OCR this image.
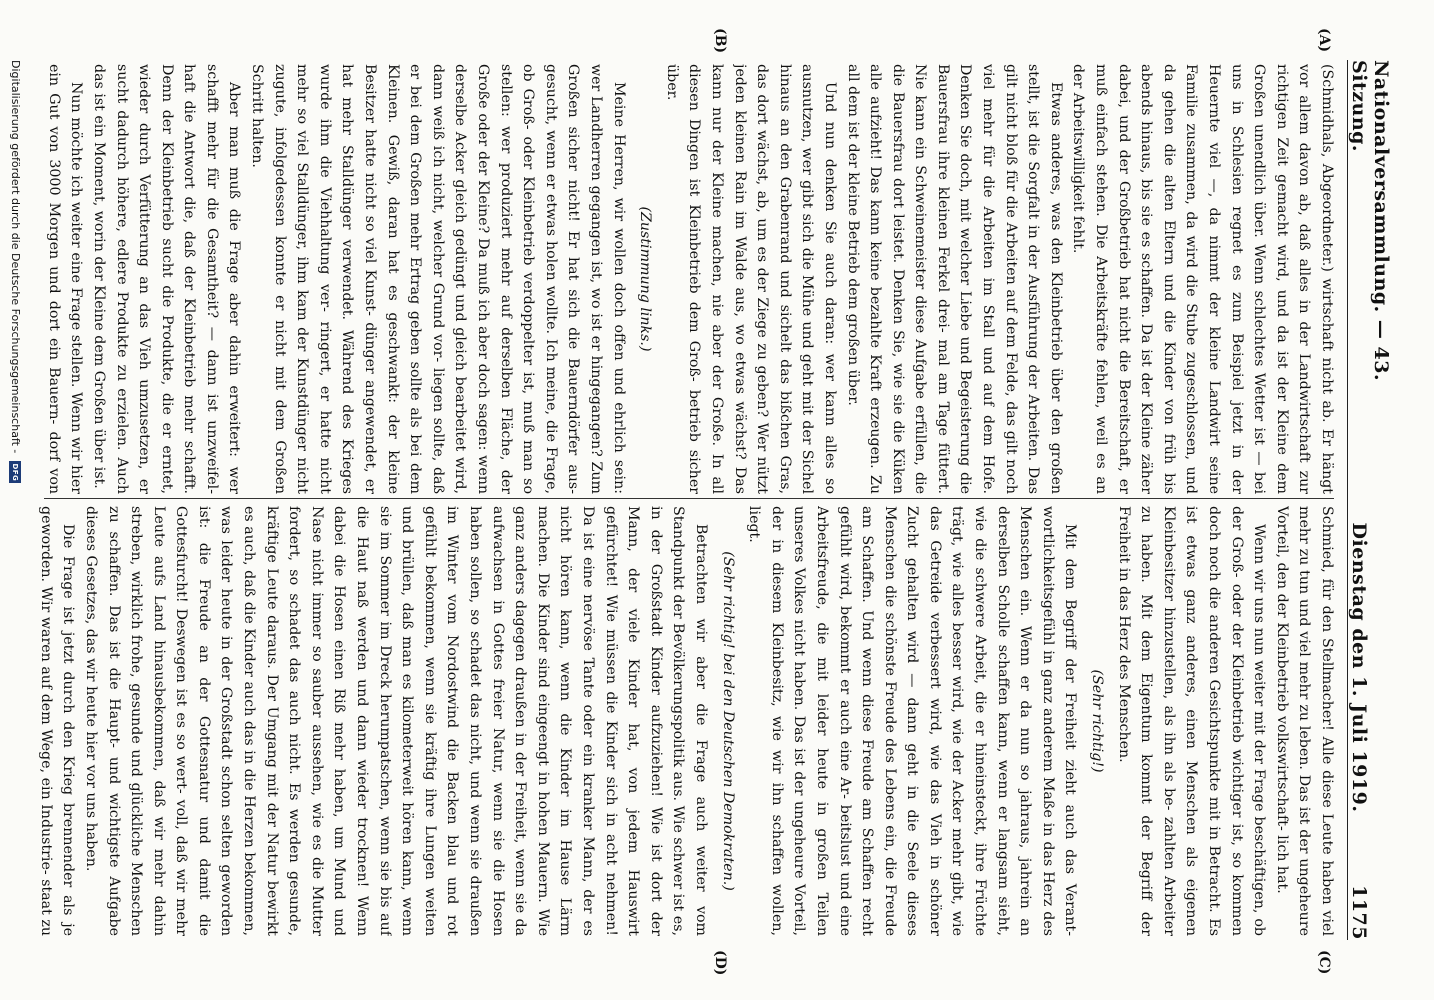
Nationalversammlung. — 43. Sitzung.
Dienstag den 1. Juli 1919.
1175
(A)
(B)
(C)
(D)

(Schmidhals, Abgeordneter.) wirtschaft nicht ab. Er hängt vor allem davon ab, daß alles in der Landwirtschaft zur richtigen Zeit gemacht wird, und da ist der Kleine dem Großen unendlich über. Wenn schlechtes Wetter ist — bei uns in Schlesien regnet es zum Beispiel jetzt in der Heuernte viel —, da nimmt der kleine Landwirt seine Familie zusammen, da wird die Stube zugeschlossen, und da gehen die alten Eltern und die Kinder von früh bis abends hinaus, bis sie es schaffen. Da ist der Kleine zäher dabei, und der Großbetrieb hat nicht die Bereitschaft, er muß einfach stehen. Die Arbeitskräfte fehlen, weil es an der Arbeitswilligkeit fehlt.

Etwas anderes, was den Kleinbetrieb über den großen stellt, ist die Sorgfalt in der Ausführung der Arbeiten. Das gilt nicht bloß für die Arbeiten auf dem Felde, das gilt noch viel mehr für die Arbeiten im Stall und auf dem Hofe. Denken Sie doch, mit welcher Liebe und Begeisterung die Bauersfrau ihre kleinen Ferkel drei- mal am Tage füttert. Nie kann ein Schweinemeister diese Aufgabe erfüllen, die die Bauersfrau dort leistet. Denken Sie, wie sie die Küken alle aufzieht! Das kann keine bezahlte Kraft erzeugen. Zu all dem ist der kleine Betrieb dem großen über.

Und nun denken Sie auch daran: wer kann alles so ausnutzen, wer gibt sich die Mühe und geht mit der Sichel hinaus an den Grabenrand und sichelt das bißchen Gras, das dort wächst, ab, um es der Ziege zu geben? Wer nützt jeden kleinen Rain im Walde aus, wo etwas wächst? Das kann nur der Kleine machen, nie aber der Große. In all diesen Dingen ist Kleinbetrieb dem Groß- betrieb sicher über.

(Zustimmung links.)

Meine Herren, wir wollen doch offen und ehrlich sein: wer Landherren gegangen ist, wo ist er hingegangen? Zum Großen sicher nicht! Er hat sich die Bauerndörfer aus- gesucht, wenn er etwas holen wollte. Ich meine, die Frage, ob Groß- oder Kleinbetrieb verdoppelter ist, muß man so stellen: wer produziert mehr auf derselben Fläche, der Große oder der Kleine? Da muß ich aber doch sagen: wenn derselbe Acker gleich gedüngt und gleich bearbeitet wird, dann weiß ich nicht, welcher Grund vor- liegen sollte, daß er bei dem Großen mehr Ertrag geben sollte als bei dem Kleinen. Gewiß, daran hat es geschwankt: der kleine Besitzer hatte nicht so viel Kunst- dünger angewendet, er hat mehr Stalldünger verwendet. Während des Krieges wurde ihm die Viehhaltung ver- ringert, er hatte nicht mehr so viel Stalldünger, ihm kam der Kunstdünger nicht zugute, infolgedessen konnte er nicht mit dem Großen Schritt halten.

Aber man muß die Frage aber dahin erweitert: wer schafft mehr für die Gesamtheit? — dann ist unzweifel- haft die Antwort die, daß der Kleinbetrieb mehr schafft. Denn der Kleinbetrieb sucht die Produkte, die er erntet, wieder durch Verfütterung an das Vieh umzusetzen, er sucht dadurch höhere, edlere Produkte zu erzielen. Auch das ist ein Moment, worin der Kleine dem Großen über ist.

Nun möchte ich weiter eine Frage stellen. Wenn wir hier ein Gut von 3000 Morgen und dort ein Bauern- dorf von

Schmied, für den Stellmacher! Alle diese Leute haben viel mehr zu tun und viel mehr zu leben. Das ist der ungeheure Vorteil, den der Kleinbetrieb volkswirtschaft- lich hat.

Wenn wir uns nun weiter mit der Frage beschäftigen, ob der Groß- oder der Kleinbetrieb wichtiger ist, so kommen doch noch die anderen Gesichtspunkte mit in Betracht. Es ist etwas ganz anderes, einen Menschen als eigenen Kleinbesitzer hinzustellen, als ihn als be- zahlten Arbeiter zu haben. Mit dem Eigentum kommt der Begriff der Freiheit in das Herz des Menschen.

(Sehr richtig!)

Mit dem Begriff der Freiheit zieht auch das Verant- wortlichkeitsgefühl in ganz anderem Maße in das Herz des Menschen ein. Wenn er da nun so jahraus, jahrein an derselben Scholle schaffen kann, wenn er langsam sieht, wie die schwere Arbeit, die er hineinsteckt, ihre Früchte trägt, wie alles besser wird, wie der Acker mehr gibt, wie das Getreide verbessert wird, wie das Vieh in schöner Zucht gehalten wird — dann geht in die Seele dieses Menschen die schönste Freude des Lebens ein, die Freude am Schaffen. Und wenn diese Freude am Schaffen recht gefühlt wird, bekommt er auch eine Ar- beitslust und eine Arbeitsfreude, die mit leider heute in großen Teilen unseres Volkes nicht haben. Das ist der ungeheure Vorteil, der in diesem Kleinbesitz, wie wir ihn schaffen wollen, liegt.

(Sehr richtig! bei den Deutschen Demokraten.)

Betrachten wir aber die Frage auch weiter vom Standpunkt der Bevölkerungspolitik aus. Wie schwer ist es, in der Großstadt Kinder aufzuziehen! Wie ist dort der Mann, der viele Kinder hat, von jedem Hauswirt gefürchtet! Wie müssen die Kinder sich in acht nehmen! Da ist eine nervöse Tante oder ein kranker Mann, der es nicht hören kann, wenn die Kinder im Hause Lärm machen. Die Kinder sind eingeengt in hohen Mauern. Wie ganz anders dagegen draußen in der Freiheit, wenn sie da aufwachsen in Gottes freier Natur, wenn sie die Hosen haben sollen, so schadet das nicht, und wenn sie draußen im Winter vom Nordostwind die Backen blau und rot gefühlt bekommen, wenn sie kräftig ihre Lungen weiten und brüllen, daß man es kilometerweit hören kann, wenn sie im Sommer im Dreck herumpatschen, wenn sie bis auf die Haut naß werden und dann wieder trocknen! Wenn dabei die Hosen einen Riß mehr haben, um Mund und Nase nicht immer so sauber aussehen, wie es die Mutter fordert, so schadet das auch nicht. Es werden gesunde, kräftige Leute daraus. Der Umgang mit der Natur bewirkt es auch, daß die Kinder auch das in die Herzen bekommen, was leider heute in der Großstadt schon selten geworden ist: die Freude an der Gottesnatur und damit die Gottesfurcht! Deswegen ist es so wert- voll, daß wir mehr Leute aufs Land hinausbekommen, daß wir mehr dahin streben, wirklich frohe, gesunde und glückliche Menschen zu schaffen. Das ist die Haupt- und wichtigste Aufgabe dieses Gesetzes, das wir heute hier vor uns haben.

Die Frage ist jetzt durch den Krieg brennender als je geworden. Wir waren auf dem Wege, ein Industrie- staat zu

Digitalisierung gefördert durch die Deutsche Forschungsgemeinschaft -
DFG
